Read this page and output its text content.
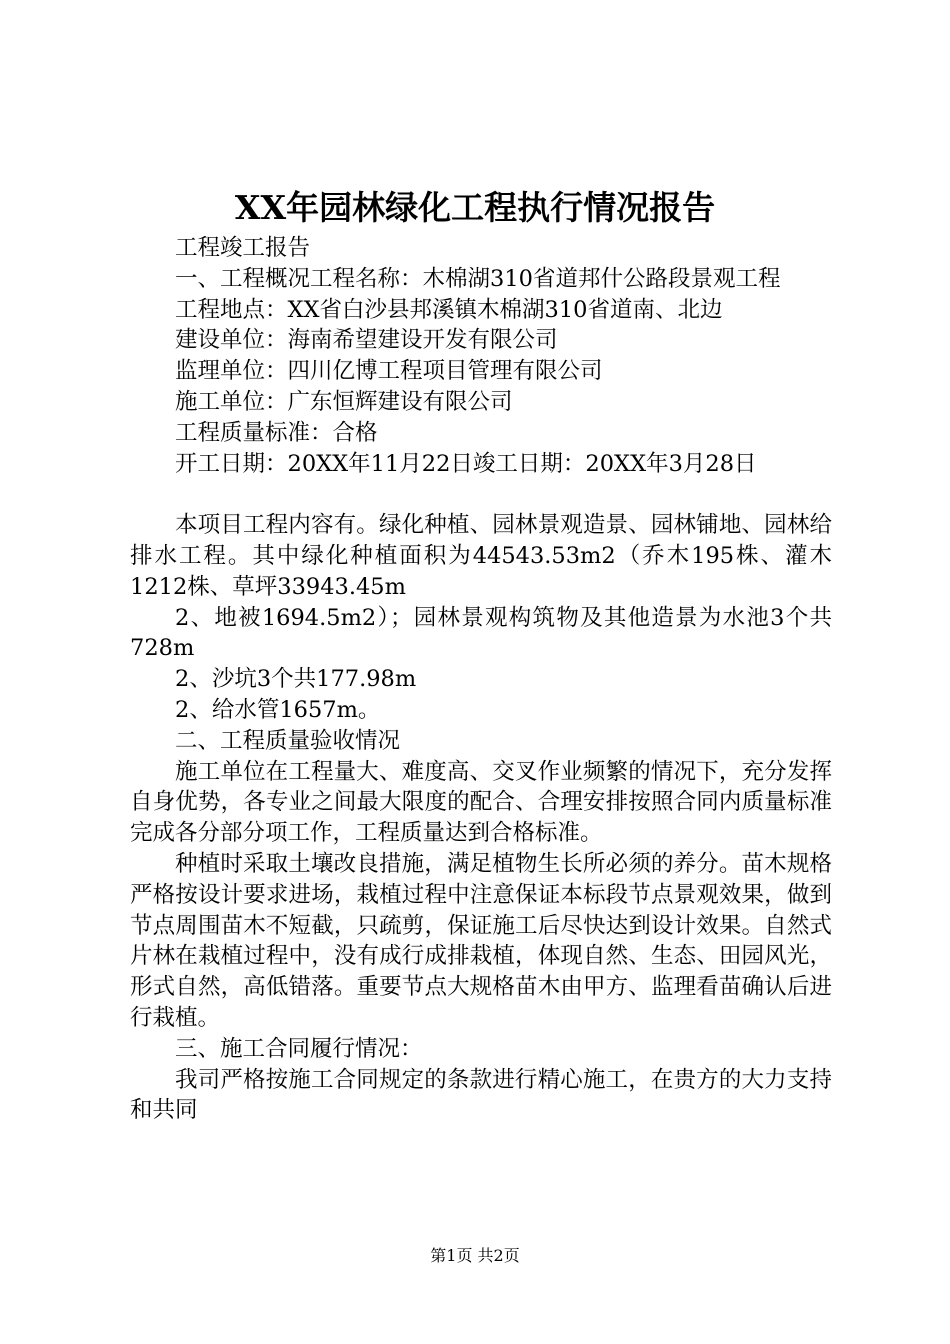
XX年园林绿化工程执行情况报告

工程竣工报告

一、工程概况工程名称：木棉湖310省道邦什公路段景观工程

工程地点：XX省白沙县邦溪镇木棉湖310省道南、北边

建设单位：海南希望建设开发有限公司

监理单位：四川亿博工程项目管理有限公司

施工单位：广东恒辉建设有限公司

工程质量标准：合格

开工日期：20XX年11月22日竣工日期：20XX年3月28日

本项目工程内容有。绿化种植、园林景观造景、园林铺地、园林给排水工程。其中绿化种植面积为44543.53m2（乔木195株、灌木1212株、草坪33943.45m

2、地被1694.5m2）；园林景观构筑物及其他造景为水池3个共728m

2、沙坑3个共177.98m

2、给水管1657m。

二、工程质量验收情况

施工单位在工程量大、难度高、交叉作业频繁的情况下，充分发挥自身优势，各专业之间最大限度的配合、合理安排按照合同内质量标准完成各分部分项工作，工程质量达到合格标准。

种植时采取土壤改良措施，满足植物生长所必须的养分。苗木规格严格按设计要求进场，栽植过程中注意保证本标段节点景观效果，做到节点周围苗木不短截，只疏剪，保证施工后尽快达到设计效果。自然式片林在栽植过程中，没有成行成排栽植，体现自然、生态、田园风光，形式自然，高低错落。重要节点大规格苗木由甲方、监理看苗确认后进行栽植。

三、施工合同履行情况：

我司严格按施工合同规定的条款进行精心施工，在贵方的大力支持和共同

第1页 共2页
